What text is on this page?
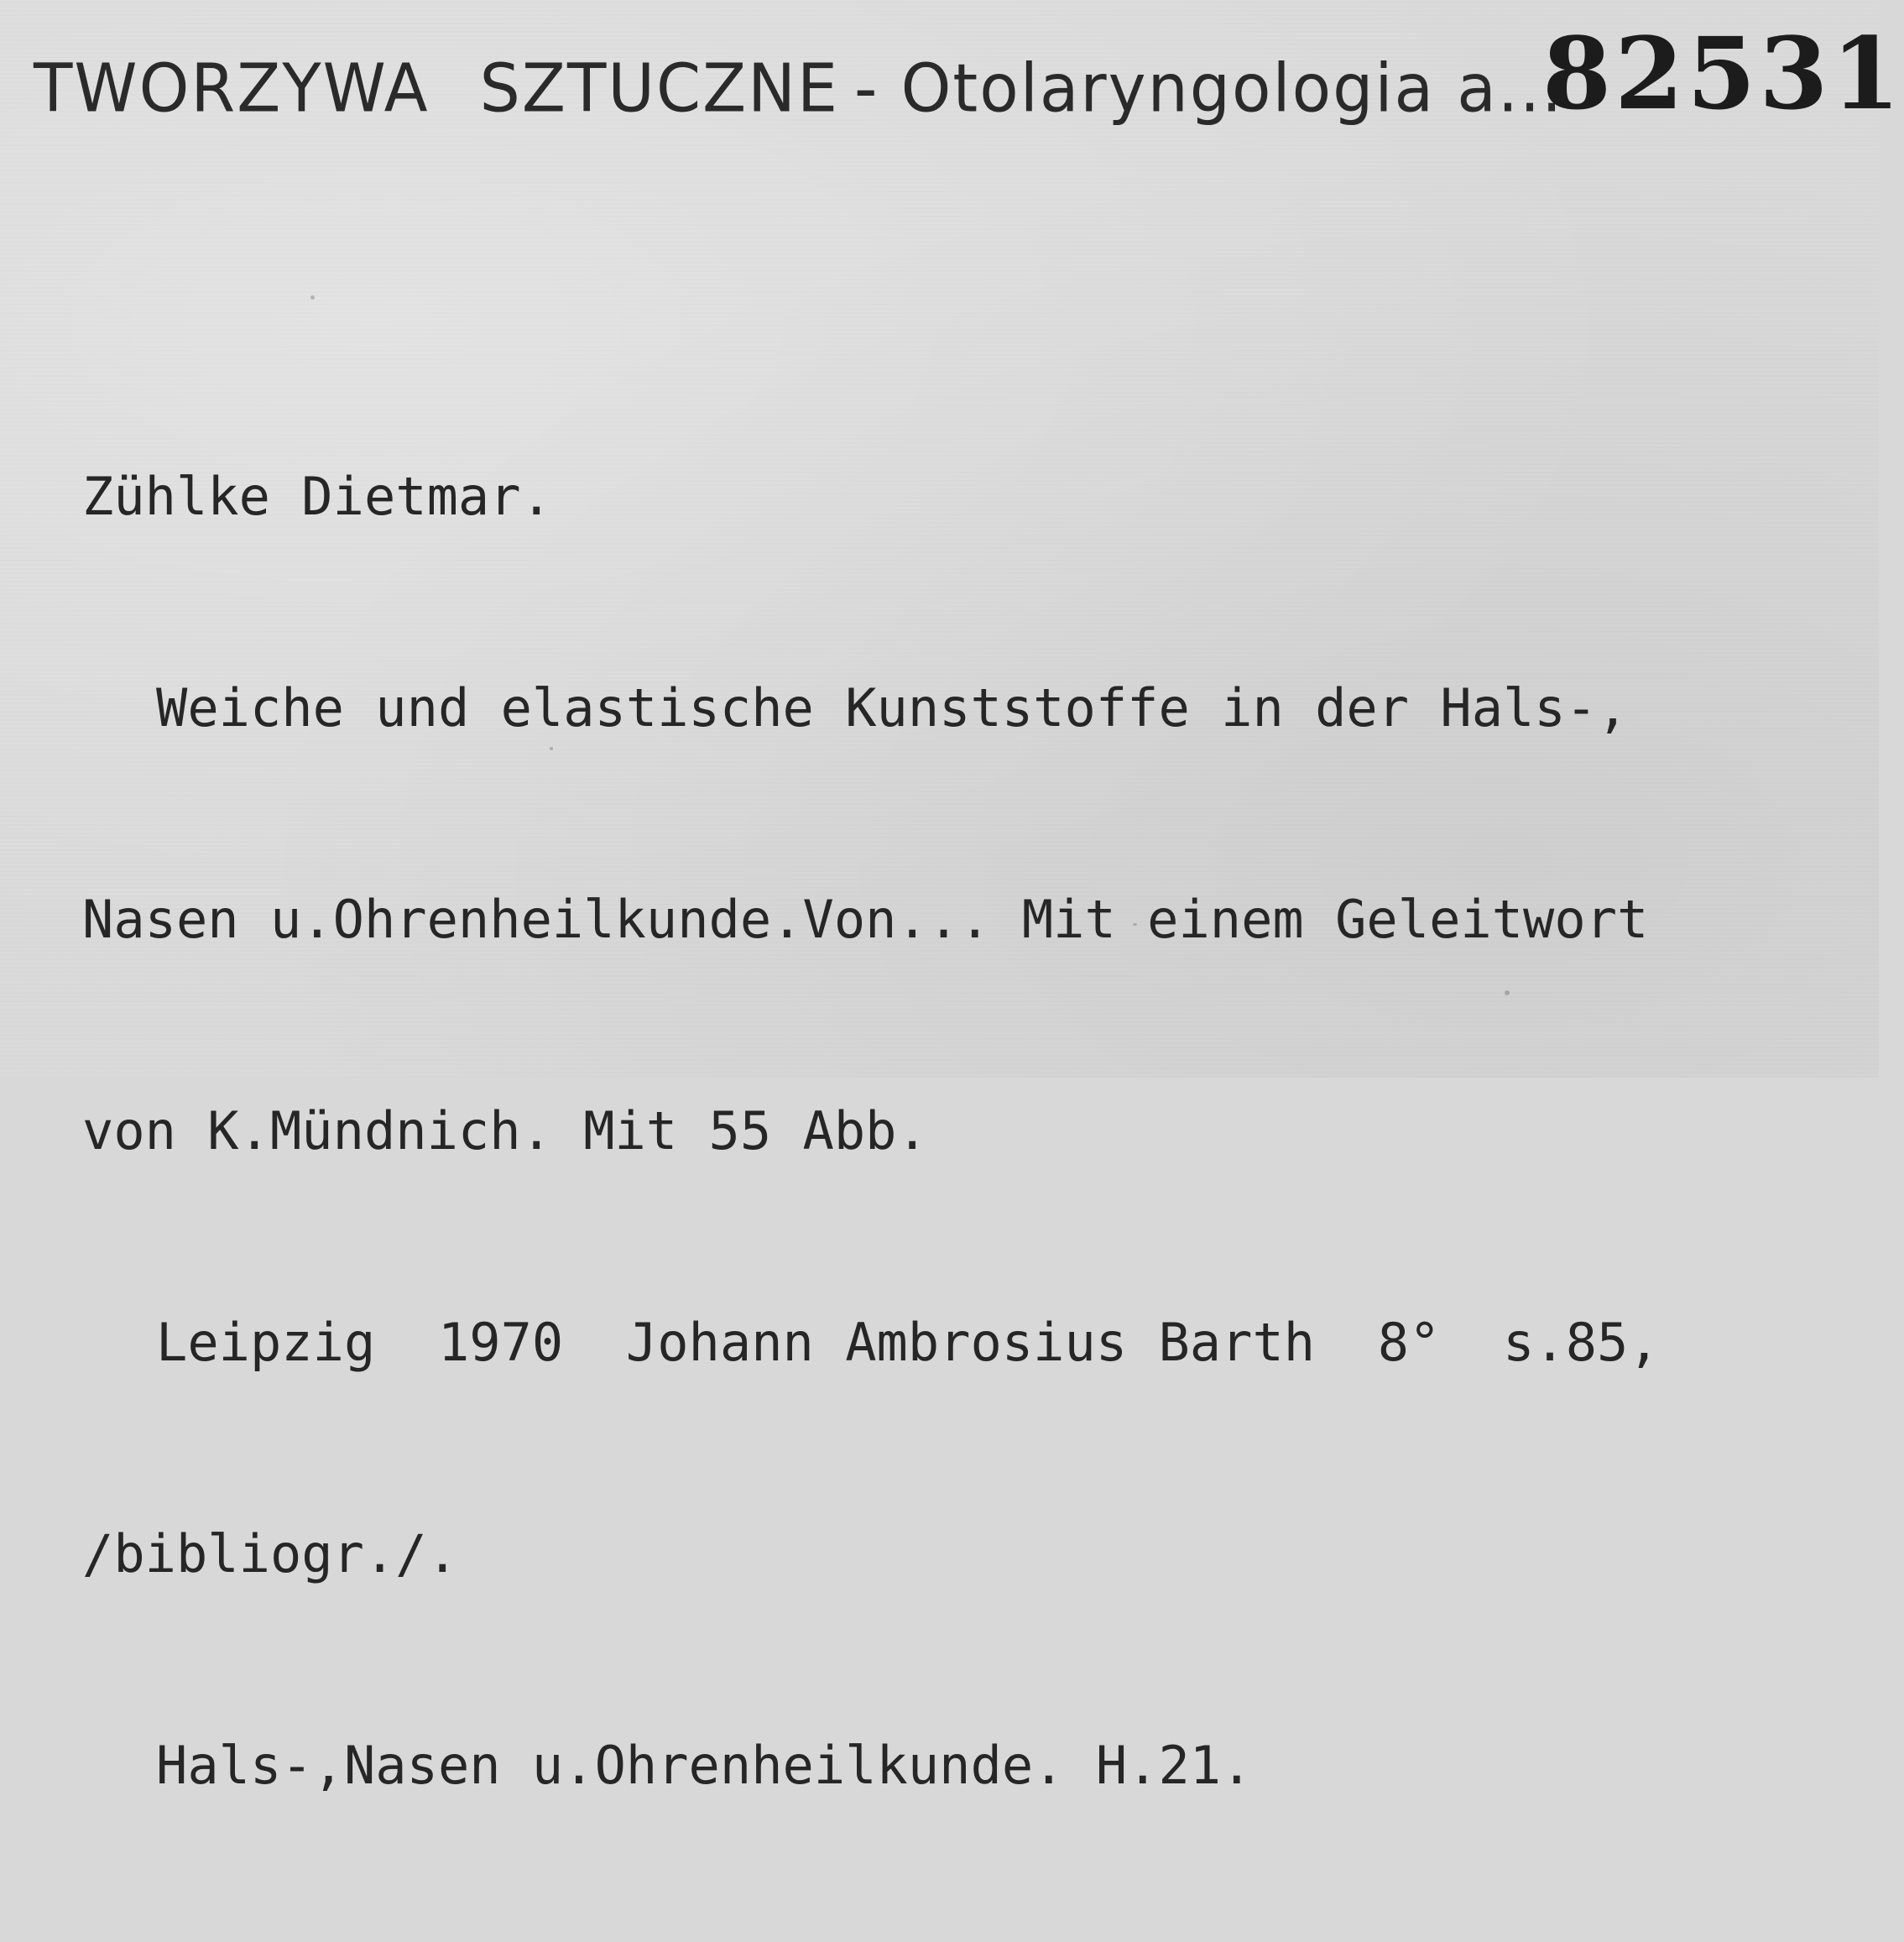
TWORZYWA SZTUCZNE - Otolaryngologia a...
82531

Zühlke Dietmar.

Weiche und elastische Kunststoffe in der Hals-,

Nasen u.Ohrenheilkunde.Von... Mit einem Geleitwort

von K.Mündnich. Mit 55 Abb.

Leipzig  1970  Johann Ambrosius Barth  8°  s.85,

/bibliogr./.

Hals-,Nasen u.Ohrenheilkunde. H.21.
